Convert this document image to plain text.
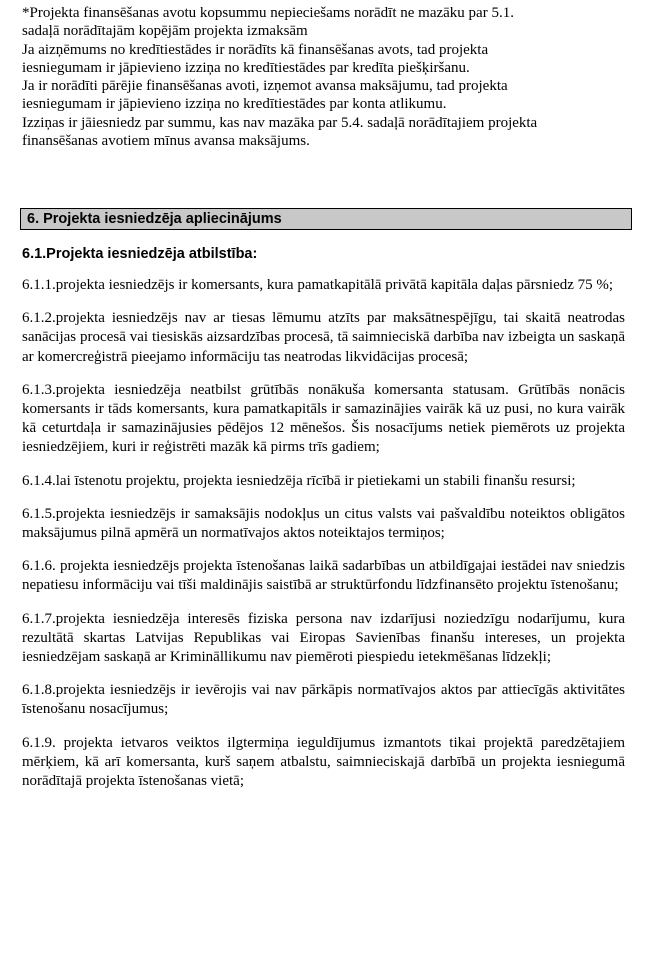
*Projekta finansēšanas avotu kopsummu nepieciešams norādīt ne mazāku par 5.1.

sadaļā norādītajām kopējām projekta izmaksām

Ja aizņēmums no kredītiestādes ir norādīts kā finansēšanas avots, tad projekta

iesniegumam ir jāpievieno izziņa no kredītiestādes par kredīta piešķiršanu.

Ja ir norādīti pārējie finansēšanas avoti, izņemot avansa maksājumu, tad projekta

iesniegumam ir jāpievieno izziņa no kredītiestādes par konta atlikumu.

Izziņas ir jāiesniedz par summu, kas nav mazāka par 5.4. sadaļā norādītajiem projekta

finansēšanas avotiem mīnus avansa maksājums.

6. Projekta iesniedzēja apliecinājums
6.1.Projekta iesniedzēja atbilstība:

6.1.1.projekta iesniedzējs ir komersants, kura pamatkapitālā privātā kapitāla daļas pārsniedz 75 %;

6.1.2.projekta iesniedzējs nav ar tiesas lēmumu atzīts par maksātnespējīgu, tai skaitā neatrodas sanācijas procesā vai tiesiskās aizsardzības procesā, tā saimnieciskā darbība nav izbeigta un saskaņā ar komercreģistrā pieejamo informāciju tas neatrodas likvidācijas procesā;

6.1.3.projekta iesniedzēja neatbilst grūtībās nonākuša komersanta statusam. Grūtībās nonācis komersants ir tāds komersants, kura pamatkapitāls ir samazinājies vairāk kā uz pusi, no kura vairāk kā ceturtdaļa ir samazinājusies pēdējos 12 mēnešos. Šis nosacījums netiek piemērots uz projekta iesniedzējiem, kuri ir reģistrēti mazāk kā pirms trīs gadiem;

6.1.4.lai īstenotu projektu, projekta iesniedzēja rīcībā ir pietiekami un stabili finanšu resursi;

6.1.5.projekta iesniedzējs ir samaksājis nodokļus un citus valsts vai pašvaldību noteiktos obligātos maksājumus pilnā apmērā un normatīvajos aktos noteiktajos termiņos;

6.1.6. projekta iesniedzējs projekta īstenošanas laikā sadarbības un atbildīgajai iestādei nav sniedzis nepatiesu informāciju vai tīši maldinājis saistībā ar struktūrfondu līdzfinansēto projektu īstenošanu;

6.1.7.projekta iesniedzēja interesēs fiziska persona nav izdarījusi noziedzīgu nodarījumu, kura rezultātā skartas Latvijas Republikas vai Eiropas Savienības finanšu intereses, un projekta iesniedzējam saskaņā ar Krimināllikumu nav piemēroti piespiedu ietekmēšanas līdzekļi;

6.1.8.projekta iesniedzējs ir ievērojis vai nav pārkāpis normatīvajos aktos par attiecīgās aktivitātes īstenošanu nosacījumus;

6.1.9. projekta ietvaros veiktos ilgtermiņa ieguldījumus izmantots tikai projektā paredzētajiem mērķiem, kā arī komersanta, kurš saņem atbalstu, saimnieciskajā darbībā un projekta iesniegumā norādītajā projekta īstenošanas vietā;
